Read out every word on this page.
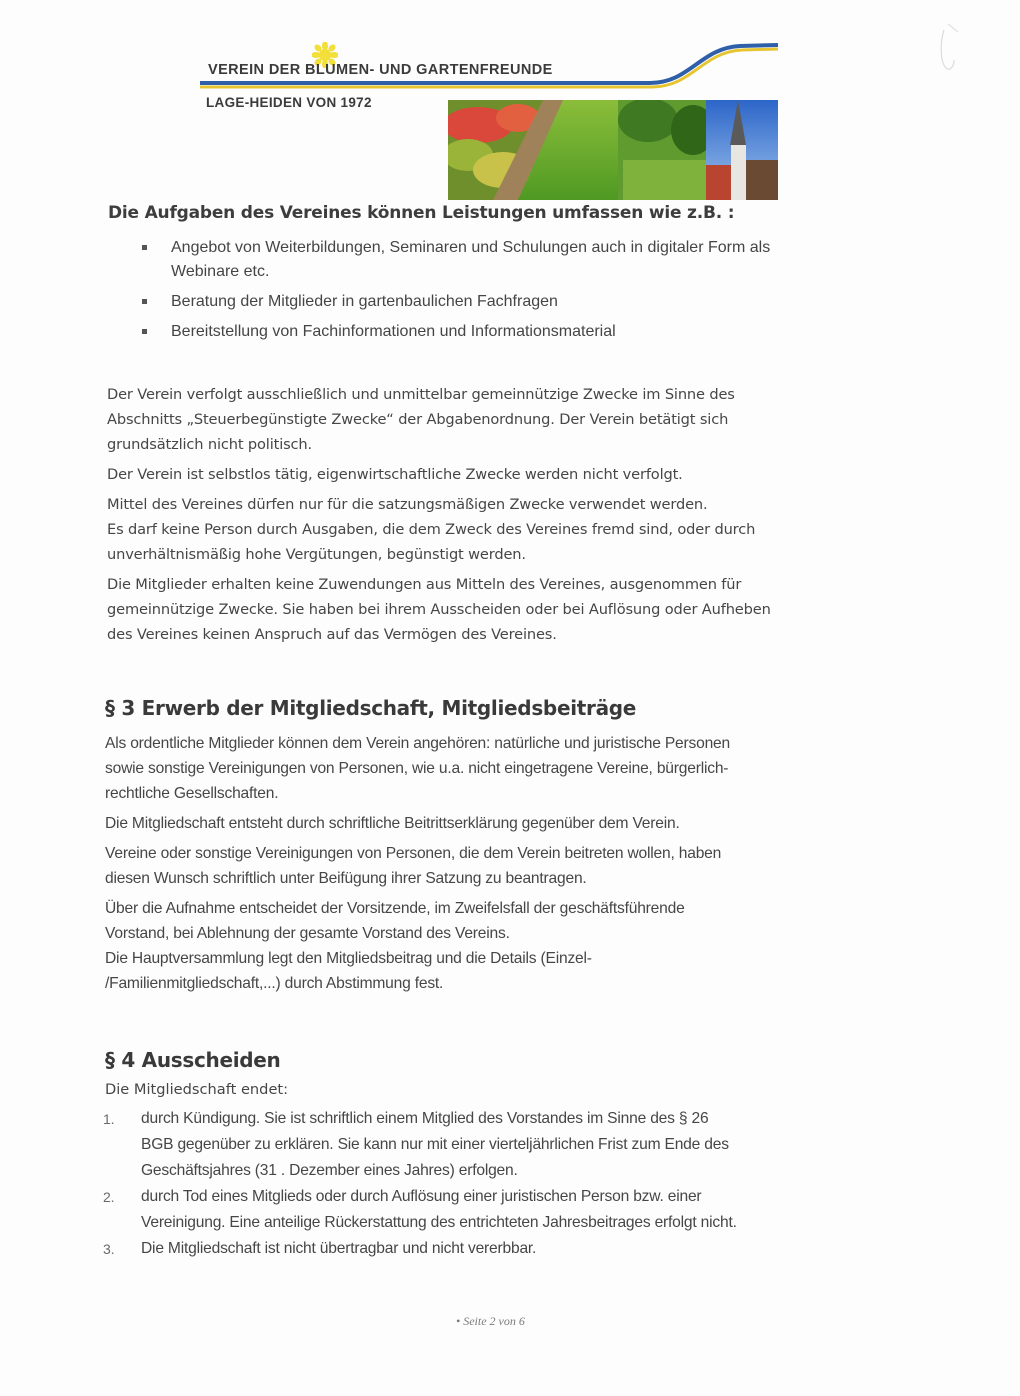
VEREIN DER BLUMEN- UND GARTENFREUNDE
LAGE-HEIDEN VON 1972
Die Aufgaben des Vereines können Leistungen umfassen wie z.B. :
Angebot von Weiterbildungen, Seminaren und Schulungen auch in digitaler Form als
Webinare etc.
Beratung der Mitglieder in gartenbaulichen Fachfragen
Bereitstellung von Fachinformationen und Informationsmaterial

Der Verein verfolgt ausschließlich und unmittelbar gemeinnützige Zwecke im Sinne des
Abschnitts „Steuerbegünstigte Zwecke“ der Abgabenordnung. Der Verein betätigt sich
grundsätzlich nicht politisch.

Der Verein ist selbstlos tätig, eigenwirtschaftliche Zwecke werden nicht verfolgt.

Mittel des Vereines dürfen nur für die satzungsmäßigen Zwecke verwendet werden.

Es darf keine Person durch Ausgaben, die dem Zweck des Vereines fremd sind, oder durch
unverhältnismäßig hohe Vergütungen, begünstigt werden.

Die Mitglieder erhalten keine Zuwendungen aus Mitteln des Vereines, ausgenommen für
gemeinnützige Zwecke. Sie haben bei ihrem Ausscheiden oder bei Auflösung oder Aufheben
des Vereines keinen Anspruch auf das Vermögen des Vereines.

§ 3 Erwerb der Mitgliedschaft, Mitgliedsbeiträge

Als ordentliche Mitglieder können dem Verein angehören: natürliche und juristische Personen
sowie sonstige Vereinigungen von Personen, wie u.a. nicht eingetragene Vereine, bürgerlich-
rechtliche Gesellschaften.

Die Mitgliedschaft entsteht durch schriftliche Beitrittserklärung gegenüber dem Verein.

Vereine oder sonstige Vereinigungen von Personen, die dem Verein beitreten wollen, haben
diesen Wunsch schriftlich unter Beifügung ihrer Satzung zu beantragen.

Über die Aufnahme entscheidet der Vorsitzende, im Zweifelsfall der geschäftsführende
Vorstand, bei Ablehnung der gesamte Vorstand des Vereins.

Die Hauptversammlung legt den Mitgliedsbeitrag und die Details (Einzel-
/Familienmitgliedschaft,...) durch Abstimmung fest.

§ 4 Ausscheiden
Die Mitgliedschaft endet:
1. durch Kündigung. Sie ist schriftlich einem Mitglied des Vorstandes im Sinne des § 26
BGB gegenüber zu erklären. Sie kann nur mit einer vierteljährlichen Frist zum Ende des
Geschäftsjahres (31 . Dezember eines Jahres) erfolgen.
2. durch Tod eines Mitglieds oder durch Auflösung einer juristischen Person bzw. einer
Vereinigung. Eine anteilige Rückerstattung des entrichteten Jahresbeitrages erfolgt nicht.
3. Die Mitgliedschaft ist nicht übertragbar und nicht vererbbar.
• Seite 2 von 6
